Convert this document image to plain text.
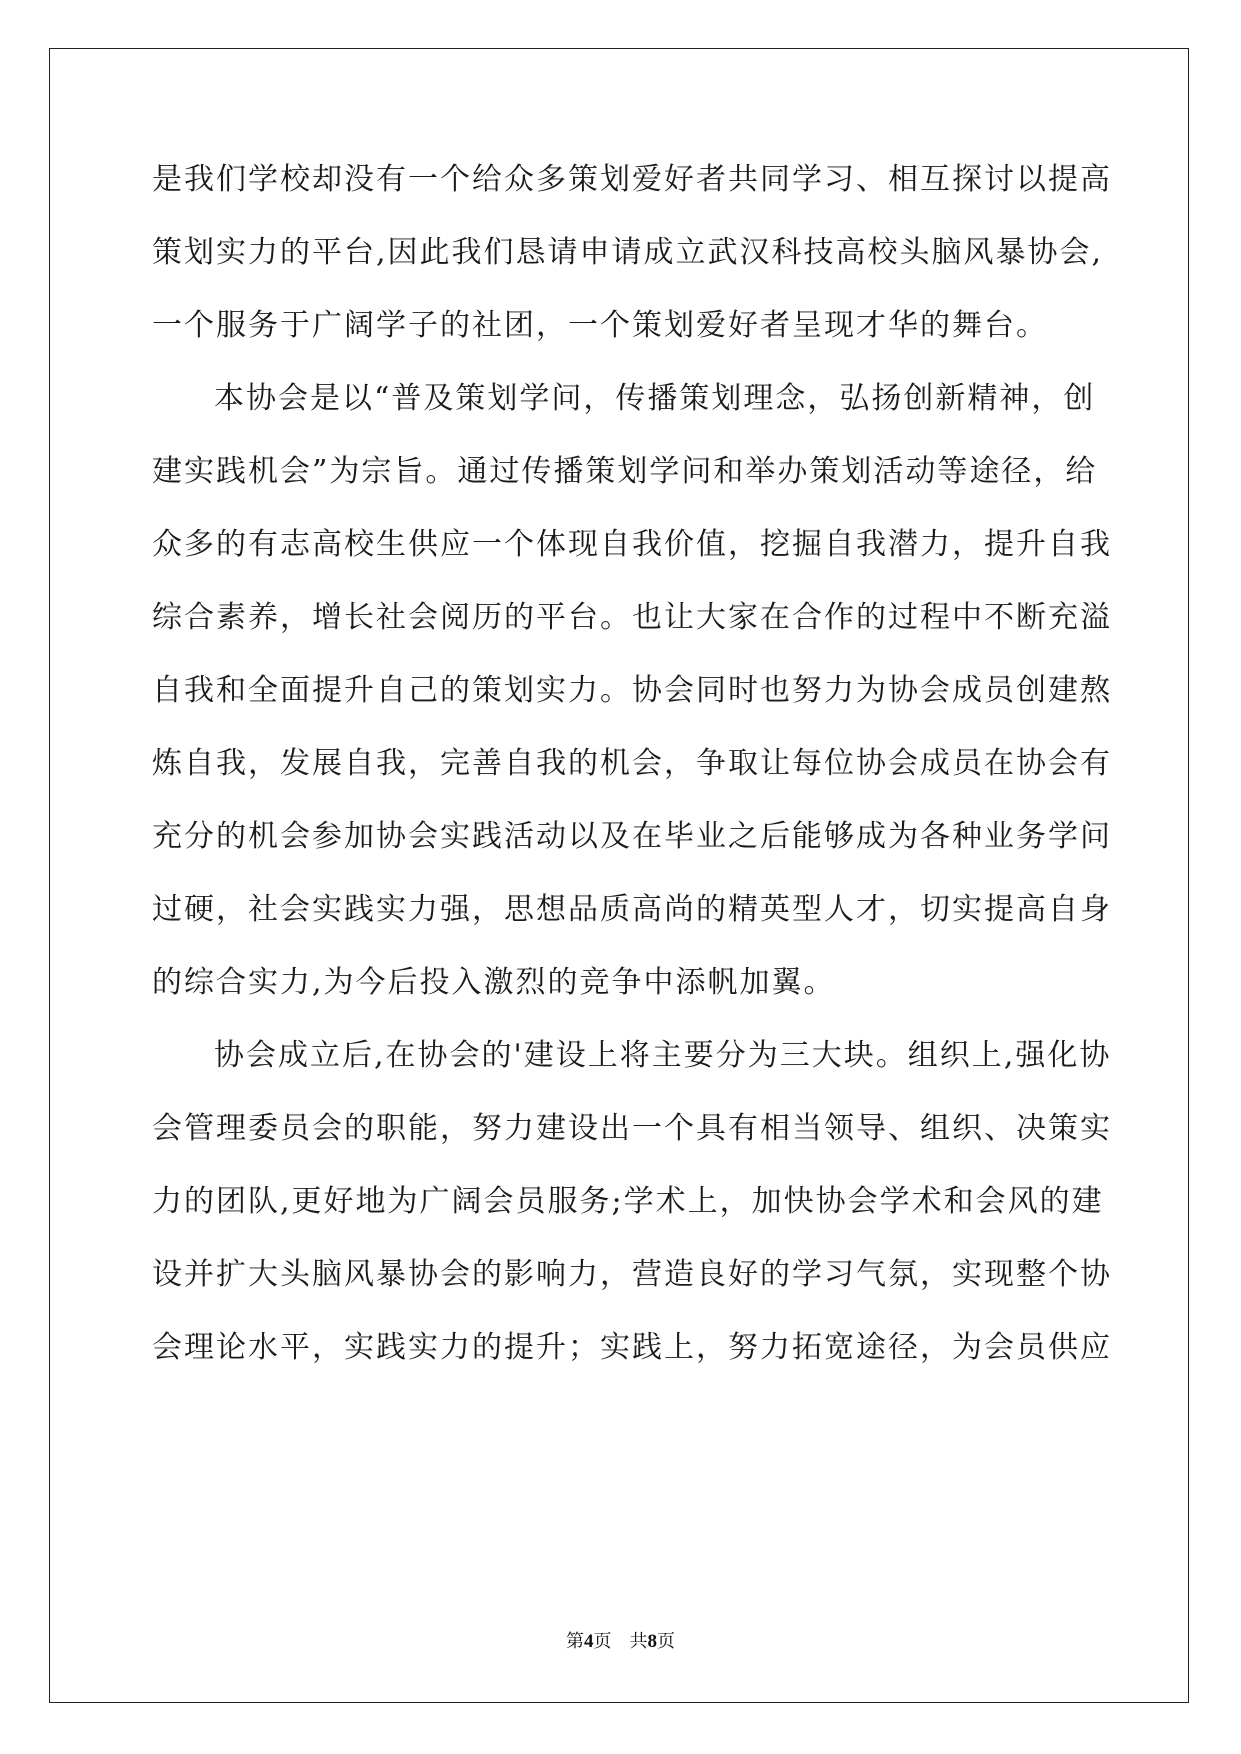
是我们学校却没有一个给众多策划爱好者共同学习、相互探讨以提高
策划实力的平台,因此我们恳请申请成立武汉科技高校头脑风暴协会,
一个服务于广阔学子的社团，一个策划爱好者呈现才华的舞台。
本协会是以“普及策划学问，传播策划理念，弘扬创新精神，创
建实践机会”为宗旨。通过传播策划学问和举办策划活动等途径，给
众多的有志高校生供应一个体现自我价值，挖掘自我潜力，提升自我
综合素养，增长社会阅历的平台。也让大家在合作的过程中不断充溢
自我和全面提升自己的策划实力。协会同时也努力为协会成员创建熬
炼自我，发展自我，完善自我的机会，争取让每位协会成员在协会有
充分的机会参加协会实践活动以及在毕业之后能够成为各种业务学问
过硬，社会实践实力强，思想品质高尚的精英型人才，切实提高自身
的综合实力,为今后投入激烈的竞争中添帆加翼。
协会成立后,在协会的'建设上将主要分为三大块。组织上,强化协
会管理委员会的职能，努力建设出一个具有相当领导、组织、决策实
力的团队,更好地为广阔会员服务;学术上，加快协会学术和会风的建
设并扩大头脑风暴协会的影响力，营造良好的学习气氛，实现整个协
会理论水平，实践实力的提升；实践上，努力拓宽途径，为会员供应
第4页　共8页
